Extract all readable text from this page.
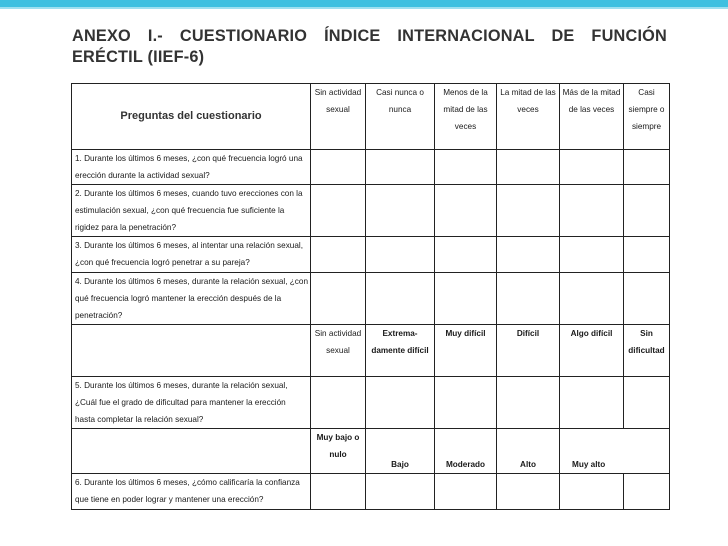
ANEXO I.- CUESTIONARIO ÍNDICE INTERNACIONAL DE FUNCIÓN ERÉCTIL (IIEF-6)
Preguntas del cuestionario	Sin actividad sexual	Casi nunca o nunca	Menos de la mitad de las veces	La mitad de las veces	Más de la mitad de las veces	Casi siempre o siempre
1. Durante los últimos 6 meses, ¿con qué frecuencia logró una erección durante la actividad sexual?						
2. Durante los últimos 6 meses, cuando tuvo erecciones con la estimulación sexual, ¿con qué frecuencia fue suficiente la rigidez para la penetración?						
3. Durante los últimos 6 meses, al intentar una relación sexual, ¿con qué frecuencia logró penetrar a su pareja?						
4. Durante los últimos 6 meses, durante la relación sexual, ¿con qué frecuencia logró mantener la erección después de la penetración?						
	Sin actividad sexual	Extrema-damente difícil	Muy difícil	Difícil	Algo difícil	Sin dificultad
5. Durante los últimos 6 meses, durante la relación sexual, ¿Cuál fue el grado de dificultad para mantener la erección hasta completar la relación sexual?						
	Muy bajo o nulo	Bajo	Moderado	Alto	Muy alto	
6. Durante los últimos 6 meses, ¿cómo calificaría la confianza que tiene en poder lograr y mantener una erección?						
